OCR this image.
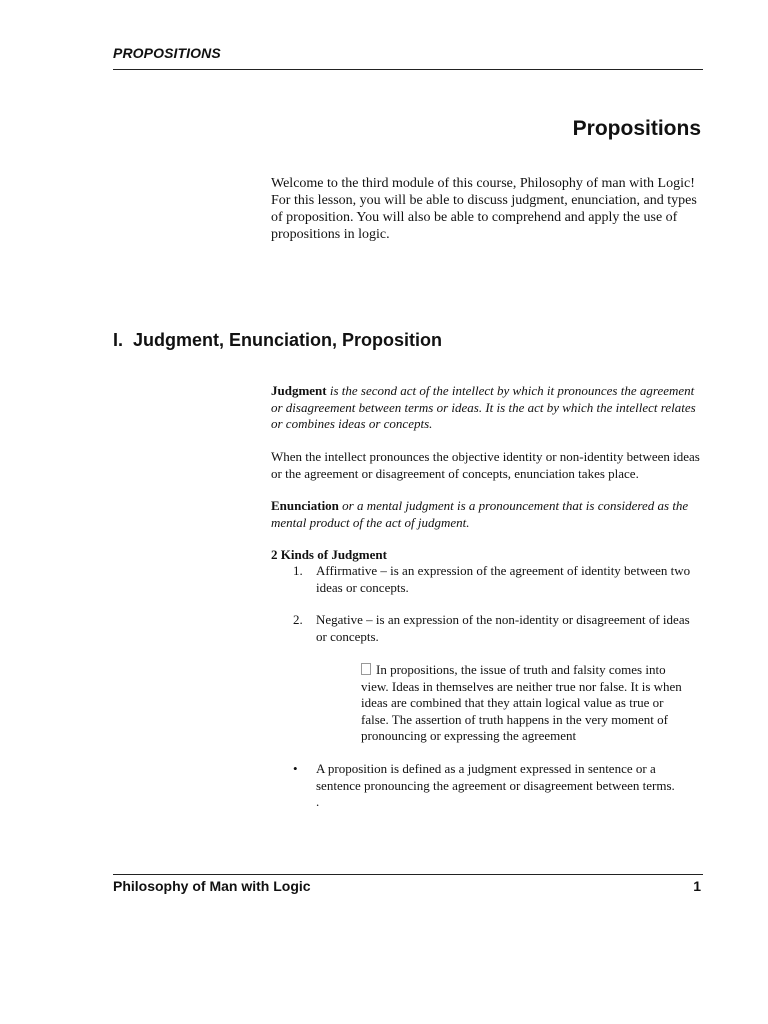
PROPOSITIONS
Propositions

Welcome to the third module of this course, Philosophy of man with Logic! For this lesson, you will be able to discuss judgment, enunciation, and types of proposition. You will also be able to comprehend and apply the use of propositions in logic.

I. Judgment, Enunciation, Proposition

Judgment is the second act of the intellect by which it pronounces the agreement or disagreement between terms or ideas. It is the act by which the intellect relates or combines ideas or concepts.

When the intellect pronounces the objective identity or non-identity between ideas or the agreement or disagreement of concepts, enunciation takes place.

Enunciation or a mental judgment is a pronouncement that is considered as the mental product of the act of judgment.

2 Kinds of Judgment

1. Affirmative – is an expression of the agreement of identity between two ideas or concepts.
2. Negative – is an expression of the non-identity or disagreement of ideas or concepts.

In propositions, the issue of truth and falsity comes into view. Ideas in themselves are neither true nor false. It is when ideas are combined that they attain logical value as true or false. The assertion of truth happens in the very moment of pronouncing or expressing the agreement

• A proposition is defined as a judgment expressed in sentence or a sentence pronouncing the agreement or disagreement between terms.
.
Philosophy of Man with Logic	1
